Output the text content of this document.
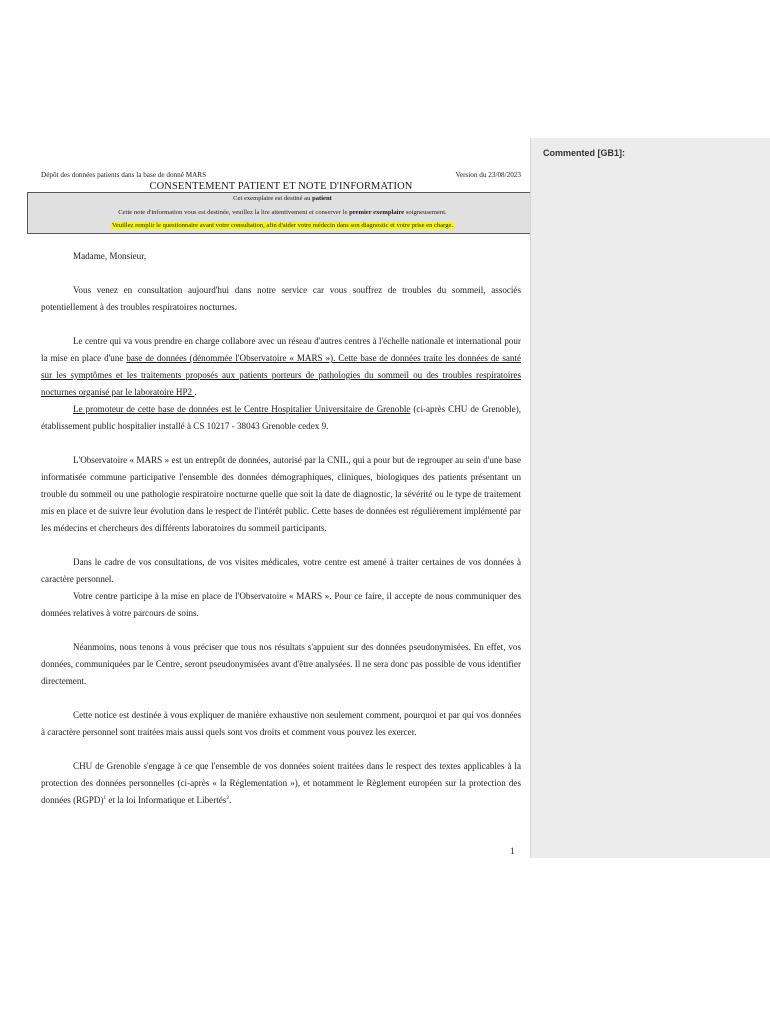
Dépôt des données patients dans la base de donné MARS	Version du 23/08/2023
CONSENTEMENT PATIENT ET NOTE D'INFORMATION
Cet exemplaire est destiné au patient
Cette note d'information vous est destinée, veuillez la lire attentivement et conserver le premier exemplaire soigneusement.
Veuillez remplir le questionnaire avant votre consultation, afin d'aider votre médecin dans son diagnostic et votre prise en charge.

Madame, Monsieur,

Vous venez en consultation aujourd'hui dans notre service car vous souffrez de troubles du sommeil, associés potentiellement à des troubles respiratoires nocturnes.

Le centre qui va vous prendre en charge collabore avec un réseau d'autres centres à l'échelle nationale et international pour la mise en place d'une base de données (dénommée l'Observatoire « MARS »). Cette base de données traite les données de santé sur les symptômes et les traitements proposés aux patients porteurs de pathologies du sommeil ou des troubles respiratoires nocturnes organisé par le laboratoire HP2 .

Le promoteur de cette base de données est le Centre Hospitalier Universitaire de Grenoble (ci-après CHU de Grenoble), établissement public hospitalier installé à CS 10217 - 38043 Grenoble cedex 9.

L'Observatoire « MARS » est un entrepôt de données, autorisé par la CNIL, qui a pour but de regrouper au sein d'une base informatisée commune participative l'ensemble des données démographiques, cliniques, biologiques des patients présentant un trouble du sommeil ou une pathologie respiratoire nocturne quelle que soit la date de diagnostic, la sévérité ou le type de traitement mis en place et de suivre leur évolution dans le respect de l'intérêt public. Cette bases de données est régulièrement implémenté par les médecins et chercheurs des différents laboratoires du sommeil participants.

Dans le cadre de vos consultations, de vos visites médicales, votre centre est amené à traiter certaines de vos données à caractère personnel.

Votre centre participe à la mise en place de l'Observatoire « MARS ». Pour ce faire, il accepte de nous communiquer des données relatives à votre parcours de soins.

Néanmoins, nous tenons à vous préciser que tous nos résultats s'appuient sur des données pseudonymisées. En effet, vos données, communiquées par le Centre, seront pseudonymisées avant d'être analysées. Il ne sera donc pas possible de vous identifier directement.

Cette notice est destinée à vous expliquer de manière exhaustive non seulement comment, pourquoi et par qui vos données à caractère personnel sont traitées mais aussi quels sont vos droits et comment vous pouvez les exercer.

CHU de Grenoble s'engage à ce que l'ensemble de vos données soient traitées dans le respect des textes applicables à la protection des données personnelles (ci-après « la Réglementation »), et notamment le Règlement européen sur la protection des données (RGPD)$^1$ et la loi Informatique et Libertés$^2$.

1
Commented [GB1]:
